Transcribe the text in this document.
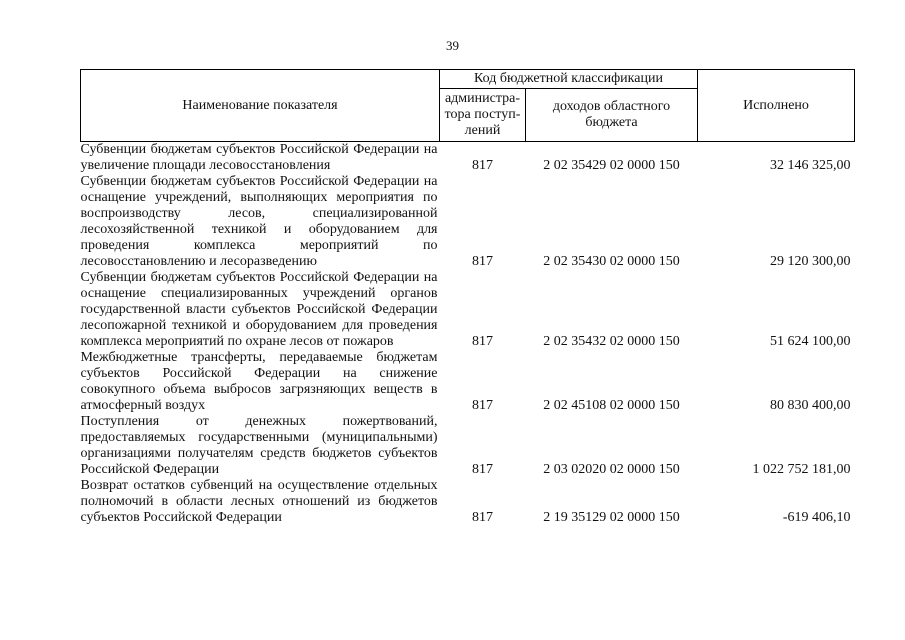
39
Наименование показателя	Код бюджетной классификации		Исполнено
	администра-тора поступ-лений	доходов областного бюджета	
Субвенции бюджетам субъектов Российской Федерации на увеличение площади лесовосстановления	817	2 02 35429 02 0000 150	32 146 325,00
Субвенции бюджетам субъектов Российской Федерации на оснащение учреждений, выполняющих мероприятия по воспроизводству лесов, специализированной лесохозяйственной техникой и оборудованием для проведения комплекса мероприятий по лесовосстановлению и лесоразведению	817	2 02 35430 02 0000 150	29 120 300,00
Субвенции бюджетам субъектов Российской Федерации на оснащение специализированных учреждений органов государственной власти субъектов Российской Федерации лесопожарной техникой и оборудованием для проведения комплекса мероприятий по охране лесов от пожаров	817	2 02 35432 02 0000 150	51 624 100,00
Межбюджетные трансферты, передаваемые бюджетам субъектов Российской Федерации на снижение совокупного объема выбросов загрязняющих веществ в атмосферный воздух	817	2 02 45108 02 0000 150	80 830 400,00
Поступления от денежных пожертвований, предоставляемых государственными (муниципальными) организациями получателям средств бюджетов субъектов Российской Федерации	817	2 03 02020 02 0000 150	1 022 752 181,00
Возврат остатков субвенций на осуществление отдельных полномочий в области лесных отношений из бюджетов субъектов Российской Федерации	817	2 19 35129 02 0000 150	-619 406,10
